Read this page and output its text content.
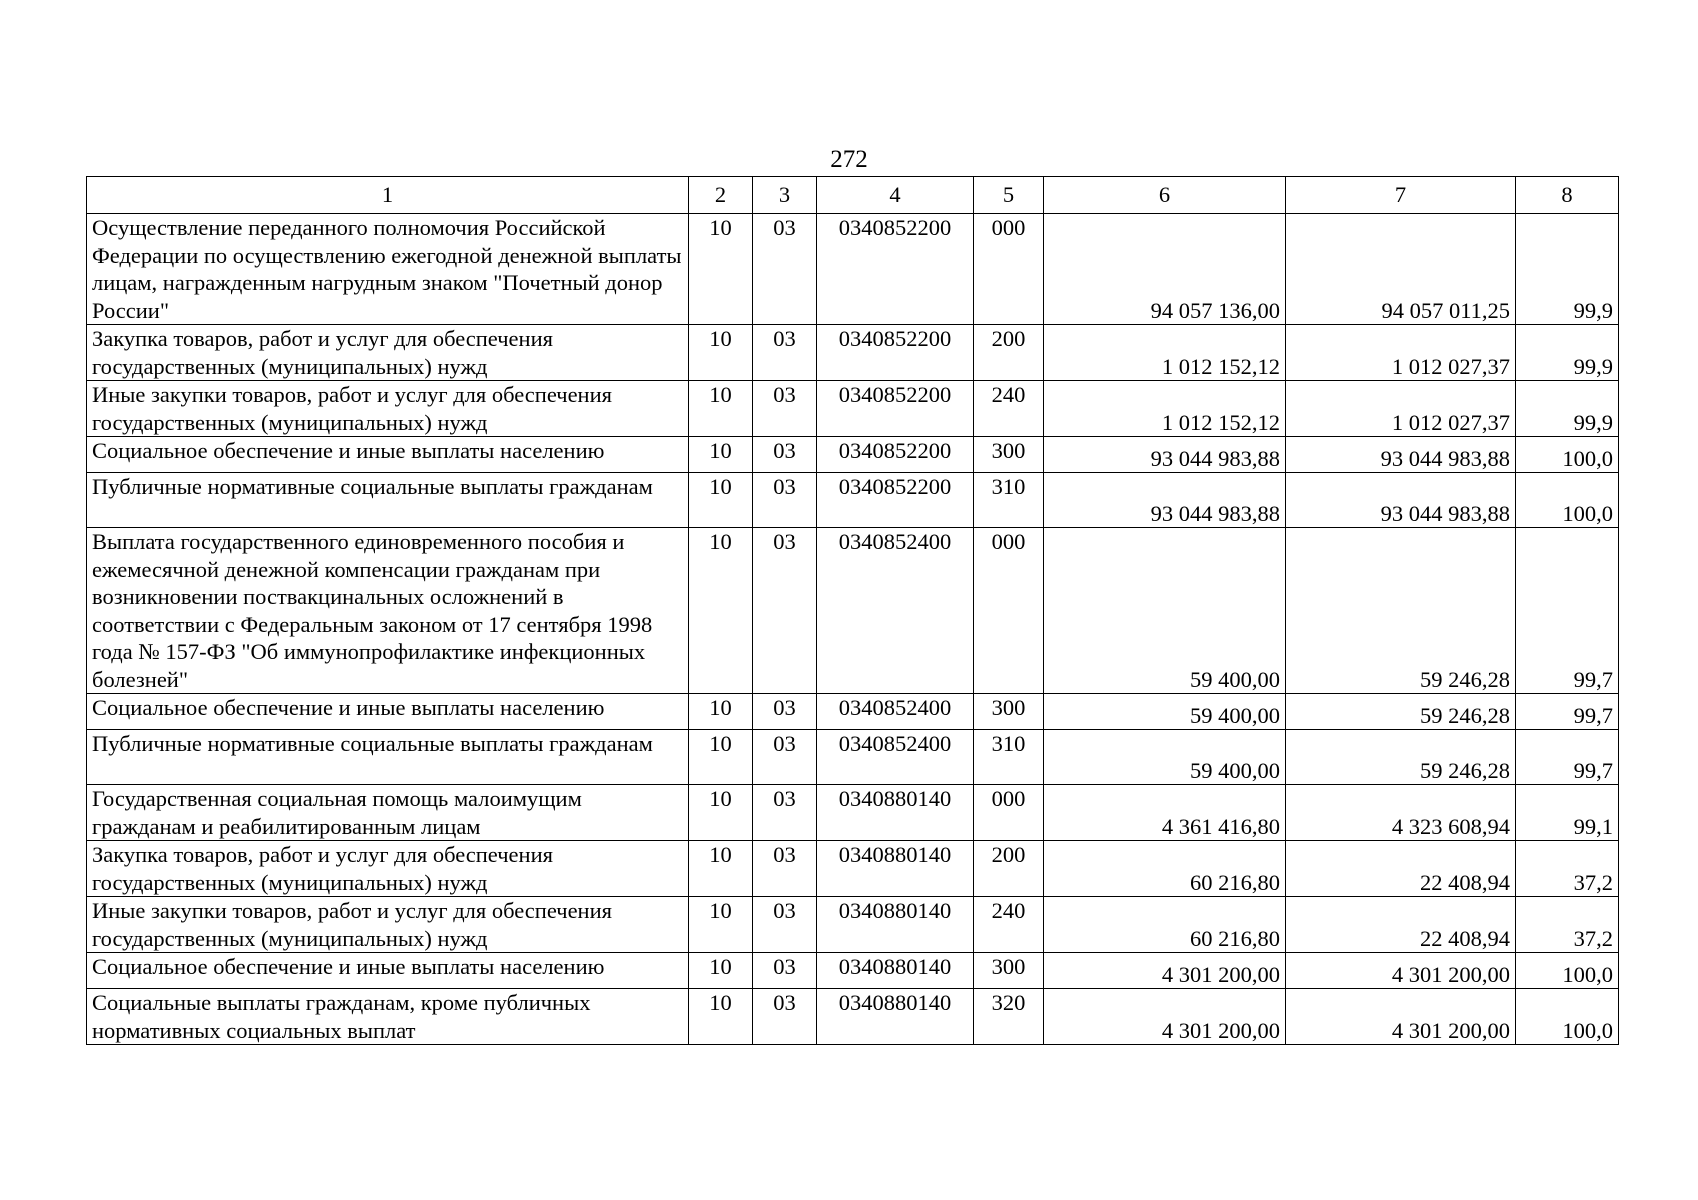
272
1	2	3	4	5	6	7	8
Осуществление переданного полномочия Российской Федерации по осуществлению ежегодной денежной выплаты лицам, награжденным нагрудным знаком "Почетный донор России"	10	03	0340852200	000	94 057 136,00	94 057 011,25	99,9
Закупка товаров, работ и услуг для обеспечения государственных (муниципальных) нужд	10	03	0340852200	200	1 012 152,12	1 012 027,37	99,9
Иные закупки товаров, работ и услуг для обеспечения государственных (муниципальных) нужд	10	03	0340852200	240	1 012 152,12	1 012 027,37	99,9
Социальное обеспечение и иные выплаты населению	10	03	0340852200	300	93 044 983,88	93 044 983,88	100,0
Публичные нормативные социальные выплаты гражданам	10	03	0340852200	310	93 044 983,88	93 044 983,88	100,0
Выплата государственного единовременного пособия и ежемесячной денежной компенсации гражданам при возникновении поствакцинальных осложнений в соответствии с Федеральным законом от 17 сентября 1998 года № 157-ФЗ "Об иммунопрофилактике инфекционных болезней"	10	03	0340852400	000	59 400,00	59 246,28	99,7
Социальное обеспечение и иные выплаты населению	10	03	0340852400	300	59 400,00	59 246,28	99,7
Публичные нормативные социальные выплаты гражданам	10	03	0340852400	310	59 400,00	59 246,28	99,7
Государственная социальная помощь малоимущим гражданам и реабилитированным лицам	10	03	0340880140	000	4 361 416,80	4 323 608,94	99,1
Закупка товаров, работ и услуг для обеспечения государственных (муниципальных) нужд	10	03	0340880140	200	60 216,80	22 408,94	37,2
Иные закупки товаров, работ и услуг для обеспечения государственных (муниципальных) нужд	10	03	0340880140	240	60 216,80	22 408,94	37,2
Социальное обеспечение и иные выплаты населению	10	03	0340880140	300	4 301 200,00	4 301 200,00	100,0
Социальные выплаты гражданам, кроме публичных нормативных социальных выплат	10	03	0340880140	320	4 301 200,00	4 301 200,00	100,0
